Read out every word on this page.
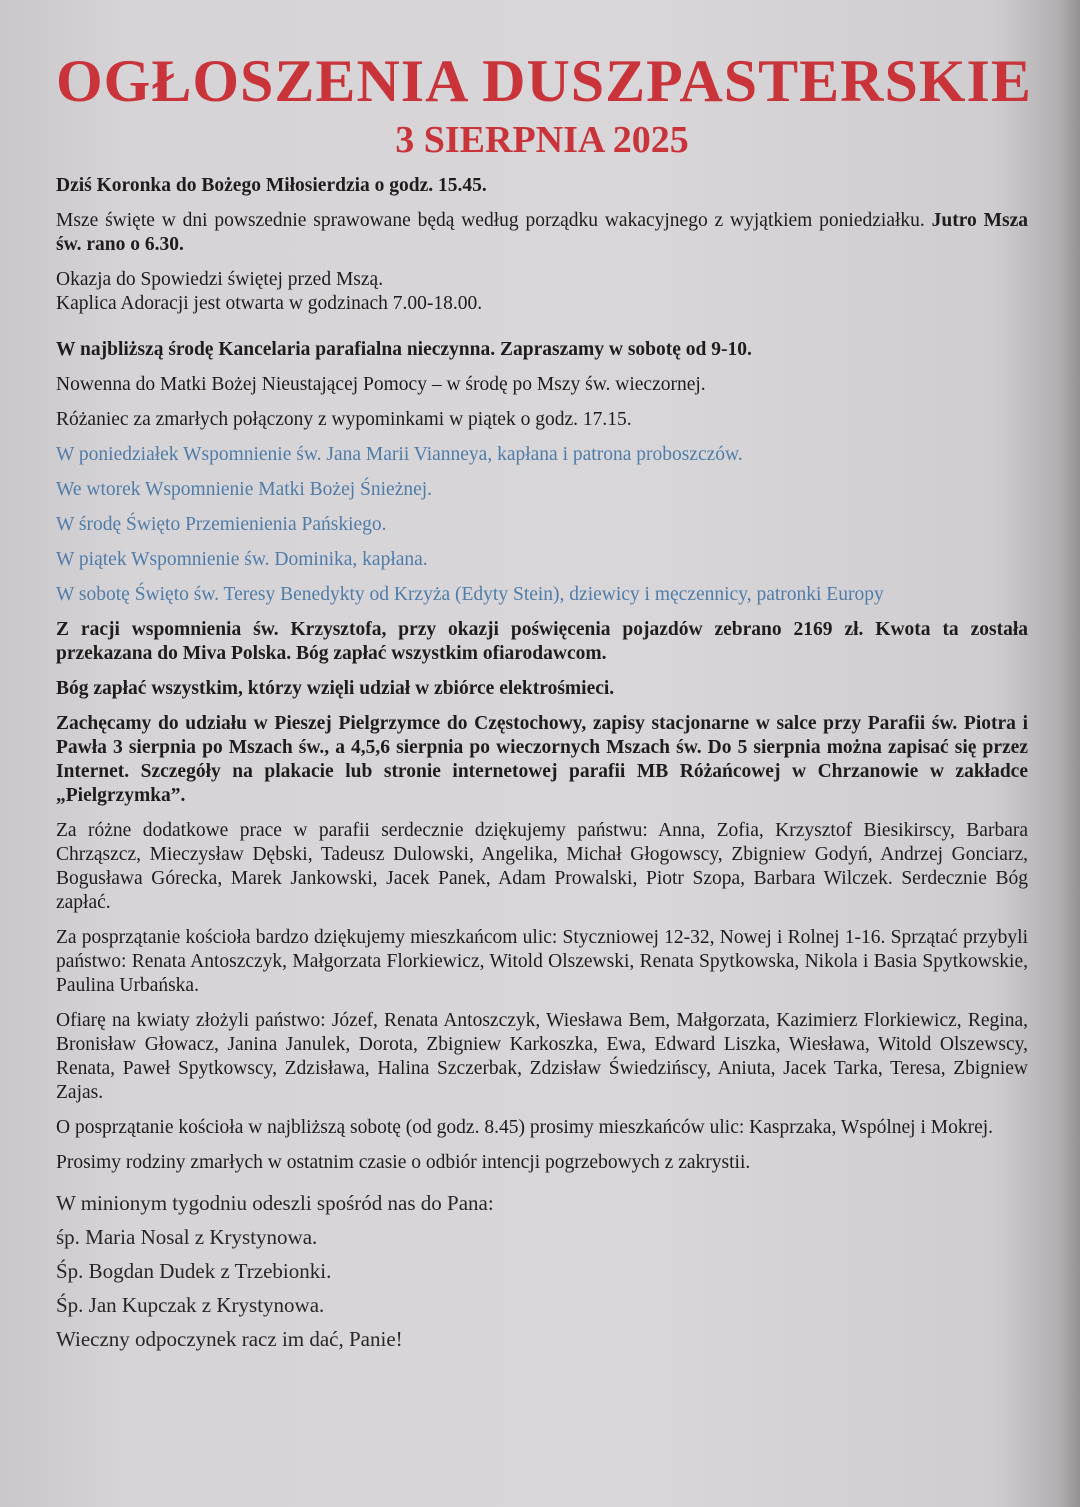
OGŁOSZENIA DUSZPASTERSKIE
3 SIERPNIA 2025

Dziś Koronka do Bożego Miłosierdzia o godz. 15.45.

Msze święte w dni powszednie sprawowane będą według porządku wakacyjnego z wyjątkiem poniedziałku. Jutro Msza św. rano o 6.30.

Okazja do Spowiedzi świętej przed Mszą.

Kaplica Adoracji jest otwarta w godzinach 7.00-18.00.

W najbliższą środę Kancelaria parafialna nieczynna. Zapraszamy w sobotę od 9-10.

Nowenna do Matki Bożej Nieustającej Pomocy – w środę po Mszy św. wieczornej.

Różaniec za zmarłych połączony z wypominkami w piątek o godz. 17.15.

W poniedziałek Wspomnienie św. Jana Marii Vianneya, kapłana i patrona proboszczów.

We wtorek Wspomnienie Matki Bożej Śnieżnej.

W środę Święto Przemienienia Pańskiego.

W piątek Wspomnienie św. Dominika, kapłana.

W sobotę Święto św. Teresy Benedykty od Krzyża (Edyty Stein), dziewicy i męczennicy, patronki Europy

Z racji wspomnienia św. Krzysztofa, przy okazji poświęcenia pojazdów zebrano 2169 zł. Kwota ta została przekazana do Miva Polska. Bóg zapłać wszystkim ofiarodawcom.

Bóg zapłać wszystkim, którzy wzięli udział w zbiórce elektrośmieci.

Zachęcamy do udziału w Pieszej Pielgrzymce do Częstochowy, zapisy stacjonarne w salce przy Parafii św. Piotra i Pawła 3 sierpnia po Mszach św., a 4,5,6 sierpnia po wieczornych Mszach św. Do 5 sierpnia można zapisać się przez Internet. Szczegóły na plakacie lub stronie internetowej parafii MB Różańcowej w Chrzanowie w zakładce „Pielgrzymka”.

Za różne dodatkowe prace w parafii serdecznie dziękujemy państwu: Anna, Zofia, Krzysztof Biesikirscy, Barbara Chrząszcz, Mieczysław Dębski, Tadeusz Dulowski, Angelika, Michał Głogowscy, Zbigniew Godyń, Andrzej Gonciarz, Bogusława Górecka, Marek Jankowski, Jacek Panek, Adam Prowalski, Piotr Szopa, Barbara Wilczek. Serdecznie Bóg zapłać.

Za posprzątanie kościoła bardzo dziękujemy mieszkańcom ulic: Styczniowej 12-32, Nowej i Rolnej 1-16. Sprzątać przybyli państwo: Renata Antoszczyk, Małgorzata Florkiewicz, Witold Olszewski, Renata Spytkowska, Nikola i Basia Spytkowskie, Paulina Urbańska.

Ofiarę na kwiaty złożyli państwo: Józef, Renata Antoszczyk, Wiesława Bem, Małgorzata, Kazimierz Florkiewicz, Regina, Bronisław Głowacz, Janina Janulek, Dorota, Zbigniew Karkoszka, Ewa, Edward Liszka, Wiesława, Witold Olszewscy, Renata, Paweł Spytkowscy, Zdzisława, Halina Szczerbak, Zdzisław Świedzińscy, Aniuta, Jacek Tarka, Teresa, Zbigniew Zajas.

O posprzątanie kościoła w najbliższą sobotę (od godz. 8.45) prosimy mieszkańców ulic: Kasprzaka, Wspólnej i Mokrej.

Prosimy rodziny zmarłych w ostatnim czasie o odbiór intencji pogrzebowych z zakrystii.

W minionym tygodniu odeszli spośród nas do Pana:

śp. Maria Nosal z Krystynowa.

Śp. Bogdan Dudek z Trzebionki.

Śp. Jan Kupczak z Krystynowa.

Wieczny odpoczynek racz im dać, Panie!
